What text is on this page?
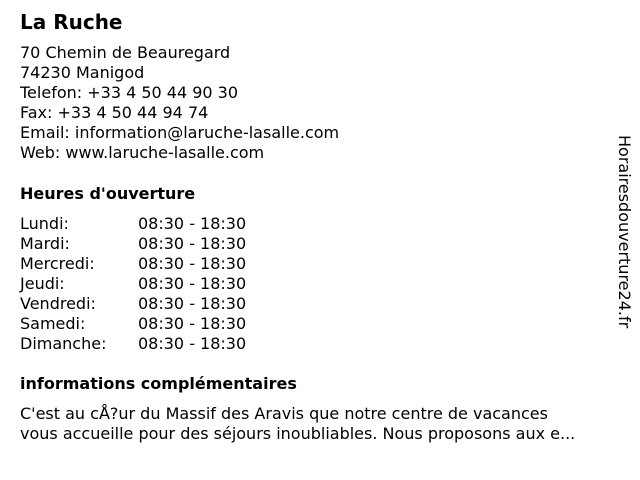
La Ruche
70 Chemin de Beauregard
74230 Manigod
Telefon: +33 4 50 44 90 30
Fax: +33 4 50 44 94 74
Email: information@laruche-lasalle.com
Web: www.laruche-lasalle.com
Heures d'ouverture
Lundi:	08:30 - 18:30
Mardi:	08:30 - 18:30
Mercredi:	08:30 - 18:30
Jeudi:	08:30 - 18:30
Vendredi:	08:30 - 18:30
Samedi:	08:30 - 18:30
Dimanche:	08:30 - 18:30
informations complémentaires
C'est au cÅ?ur du Massif des Aravis que notre centre de vacances
vous accueille pour des séjours inoubliables. Nous proposons aux e...
Horairesdouverture24.fr
